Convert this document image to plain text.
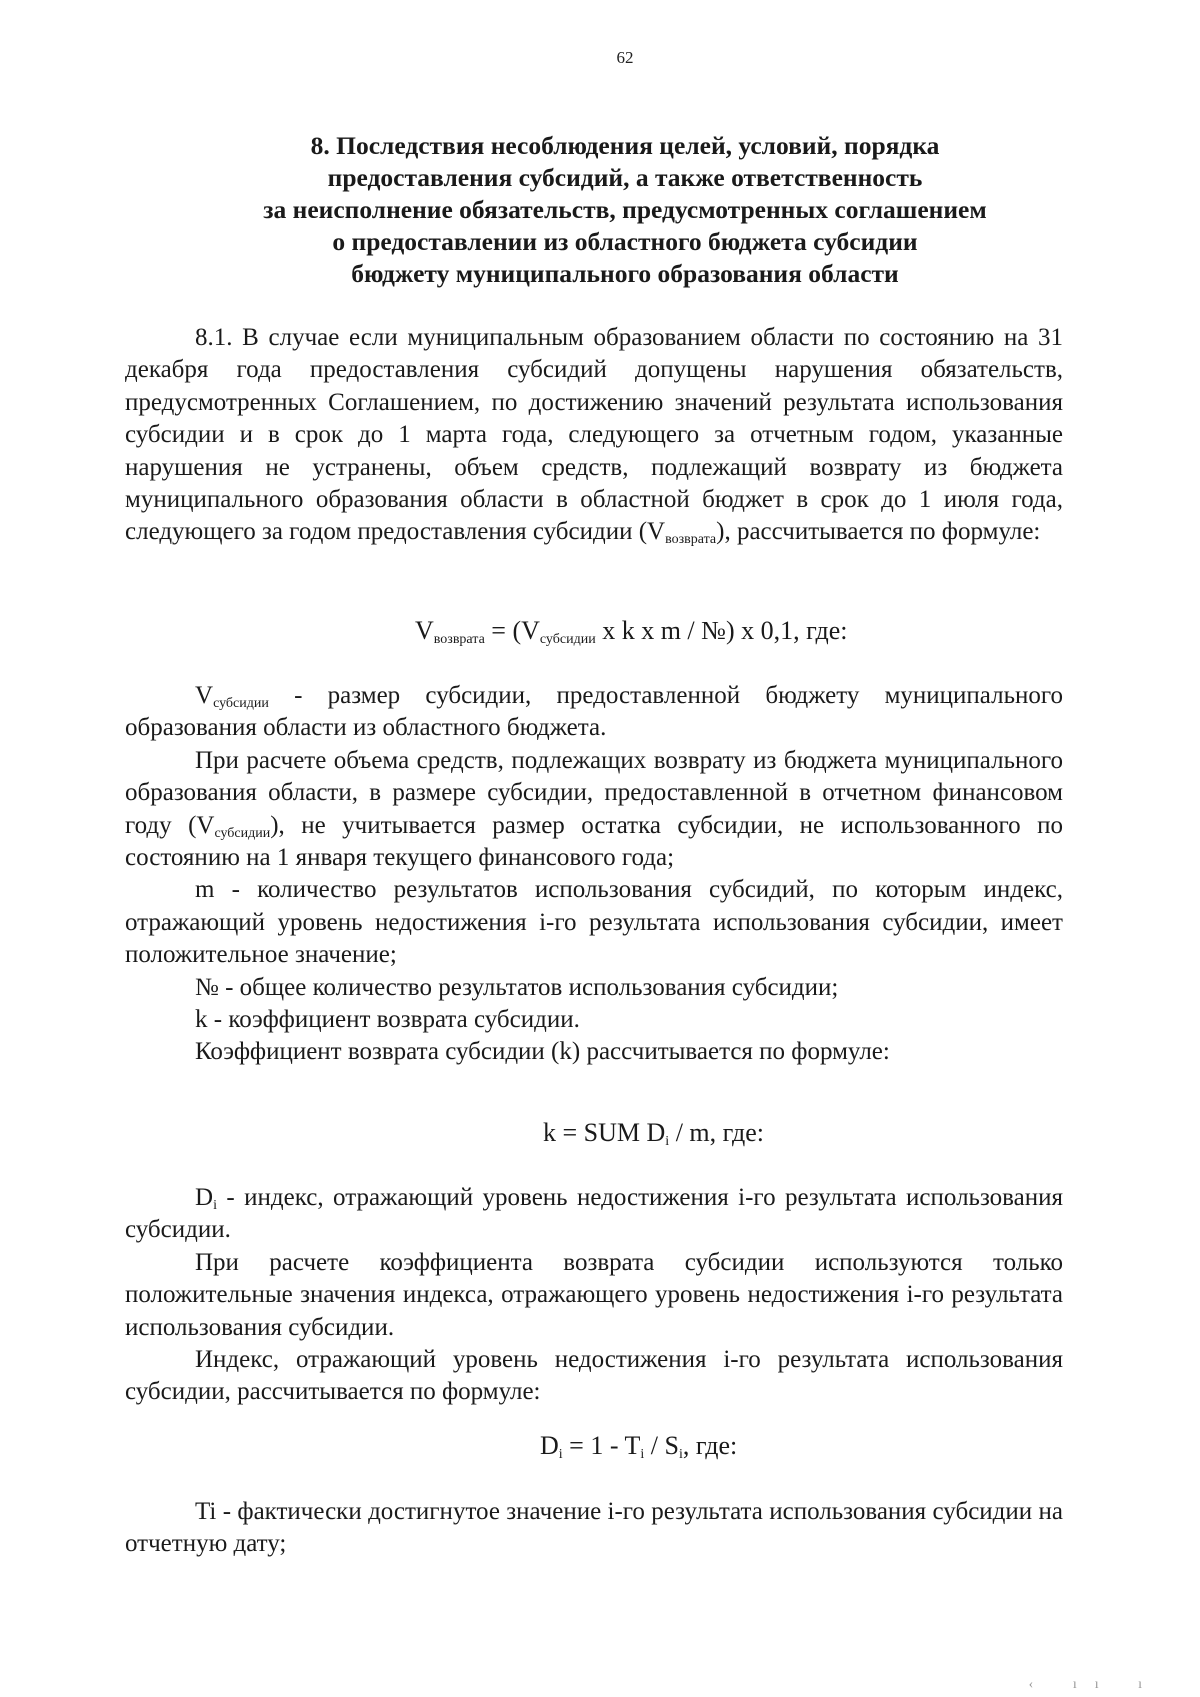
62
8. Последствия несоблюдения целей, условий, порядка
предоставления субсидий, а также ответственность
за неисполнение обязательств, предусмотренных соглашением
о предоставлении из областного бюджета субсидии
бюджету муниципального образования области

8.1. В случае если муниципальным образованием области по состоянию на 31 декабря года предоставления субсидий допущены нарушения обязательств, предусмотренных Соглашением, по достижению значений результата использования субсидии и в срок до 1 марта года, следующего за отчетным годом, указанные нарушения не устранены, объем средств, подлежащий возврату из бюджета муниципального образования области в областной бюджет в срок до 1 июля года, следующего за годом предоставления субсидии $(V_{возврата})$, рассчитывается по формуле:

$V_{возврата} = (V_{субсидии}$ x k x m / №) x 0,1, где:

$V_{субсидии}$ - размер субсидии, предоставленной бюджету муниципального образования области из областного бюджета.

При расчете объема средств, подлежащих возврату из бюджета муниципального образования области, в размере субсидии, предоставленной в отчетном финансовом году $(V_{субсидии})$, не учитывается размер остатка субсидии, не использованного по состоянию на 1 января текущего финансового года;

m - количество результатов использования субсидий, по которым индекс, отражающий уровень недостижения i-го результата использования субсидии, имеет положительное значение;

№ - общее количество результатов использования субсидии;

k - коэффициент возврата субсидии.

Коэффициент возврата субсидии (k) рассчитывается по формуле:

k = SUM $D_i$ / m, где:

$D_i$ - индекс, отражающий уровень недостижения i-го результата использования субсидии.

При расчете коэффициента возврата субсидии используются только положительные значения индекса, отражающего уровень недостижения i-го результата использования субсидии.

Индекс, отражающий уровень недостижения i-го результата использования субсидии, рассчитывается по формуле:

$D_i = 1 - T_i / S_i$, где:

Ti - фактически достигнутое значение i-го результата использования субсидии на отчетную дату;

‹ ıı ı
